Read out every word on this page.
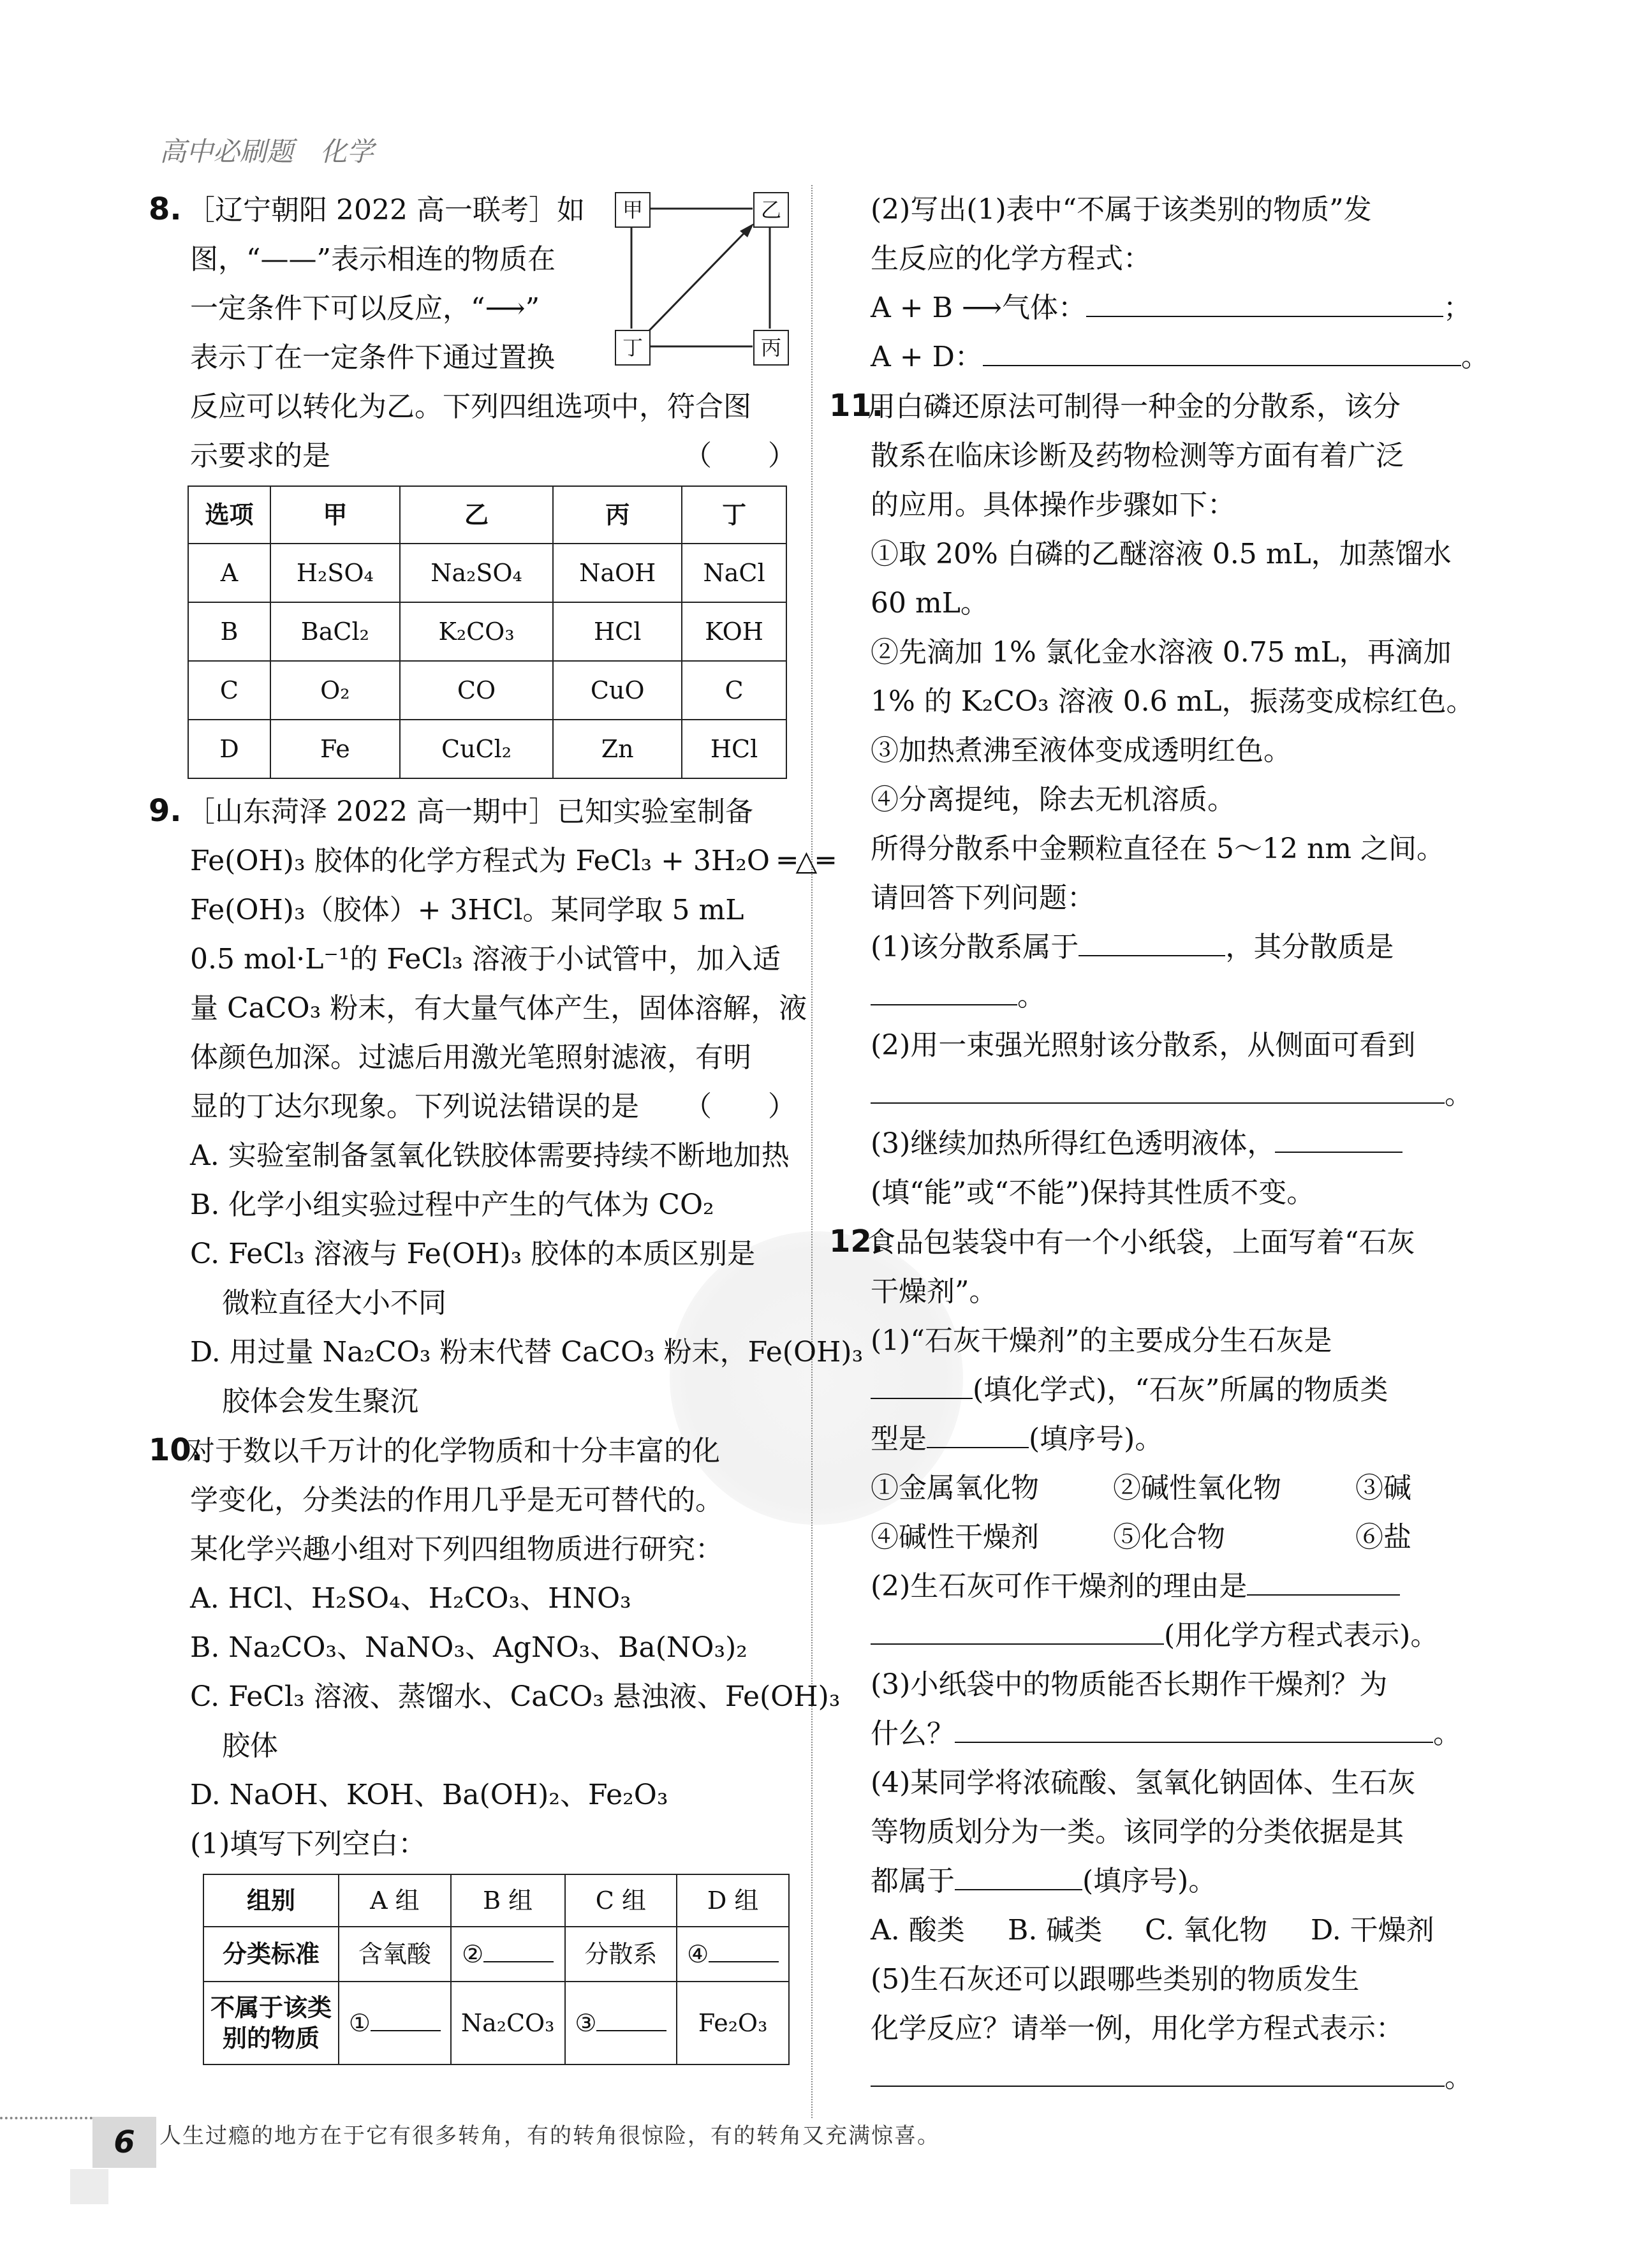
高中必刷题　化学
甲	乙
丁	丙
8. ［辽宁朝阳 2022 高一联考］如
图，“——”表示相连的物质在
一定条件下可以反应，“⟶”
表示丁在一定条件下通过置换
反应可以转化为乙。下列四组选项中，符合图
示要求的是	（　　）
选项	甲	乙	丙	丁
A	H₂SO₄	Na₂SO₄	NaOH	NaCl
B	BaCl₂	K₂CO₃	HCl	KOH
C	O₂	CO	CuO	C
D	Fe	CuCl₂	Zn	HCl
9. ［山东菏泽 2022 高一期中］已知实验室制备
Fe(OH)₃ 胶体的化学方程式为 FeCl₃ + 3H₂O ═△═
Fe(OH)₃（胶体）+ 3HCl。某同学取 5 mL
0.5 mol·L⁻¹的 FeCl₃ 溶液于小试管中，加入适
量 CaCO₃ 粉末，有大量气体产生，固体溶解，液
体颜色加深。过滤后用激光笔照射滤液，有明
显的丁达尔现象。下列说法错误的是 （　　）
A. 实验室制备氢氧化铁胶体需要持续不断地加热
B. 化学小组实验过程中产生的气体为 CO₂
C. FeCl₃ 溶液与 Fe(OH)₃ 胶体的本质区别是
微粒直径大小不同
D. 用过量 Na₂CO₃ 粉末代替 CaCO₃ 粉末，Fe(OH)₃
胶体会发生聚沉
10.对于数以千万计的化学物质和十分丰富的化
学变化，分类法的作用几乎是无可替代的。
某化学兴趣小组对下列四组物质进行研究：
A. HCl、H₂SO₄、H₂CO₃、HNO₃
B. Na₂CO₃、NaNO₃、AgNO₃、Ba(NO₃)₂
C. FeCl₃ 溶液、蒸馏水、CaCO₃ 悬浊液、Fe(OH)₃
胶体
D. NaOH、KOH、Ba(OH)₂、Fe₂O₃
(1)填写下列空白：
组别	A 组	B 组	C 组	D 组
分类标准	含氧酸	②	分散系	④
不属于该类别的物质	①	Na₂CO₃	③	Fe₂O₃
(2)写出(1)表中“不属于该类别的物质”发
生反应的化学方程式：
A + B ⟶气体：	；
A + D：	。
11.用白磷还原法可制得一种金的分散系，该分
散系在临床诊断及药物检测等方面有着广泛
的应用。具体操作步骤如下：
①取 20% 白磷的乙醚溶液 0.5 mL，加蒸馏水
60 mL。
②先滴加 1% 氯化金水溶液 0.75 mL，再滴加
1% 的 K₂CO₃ 溶液 0.6 mL，振荡变成棕红色。
③加热煮沸至液体变成透明红色。
④分离提纯，除去无机溶质。
所得分散系中金颗粒直径在 5～12 nm 之间。
请回答下列问题：
(1)该分散系属于	，其分散质是
。
(2)用一束强光照射该分散系，从侧面可看到
。
(3)继续加热所得红色透明液体，
(填“能”或“不能”)保持其性质不变。
12.食品包装袋中有一个小纸袋，上面写着“石灰
干燥剂”。
(1)“石灰干燥剂”的主要成分生石灰是
(填化学式)，“石灰”所属的物质类
型是	(填序号)。
①金属氧化物	②碱性氧化物	③碱
④碱性干燥剂	⑤化合物	⑥盐
(2)生石灰可作干燥剂的理由是
(用化学方程式表示)。
(3)小纸袋中的物质能否长期作干燥剂？为
什么？	。
(4)某同学将浓硫酸、氢氧化钠固体、生石灰
等物质划分为一类。该同学的分类依据是其
都属于	(填序号)。
A. 酸类	B. 碱类	C. 氧化物	D. 干燥剂
(5)生石灰还可以跟哪些类别的物质发生
化学反应？请举一例，用化学方程式表示：
。
6	人生过瘾的地方在于它有很多转角，有的转角很惊险，有的转角又充满惊喜。
